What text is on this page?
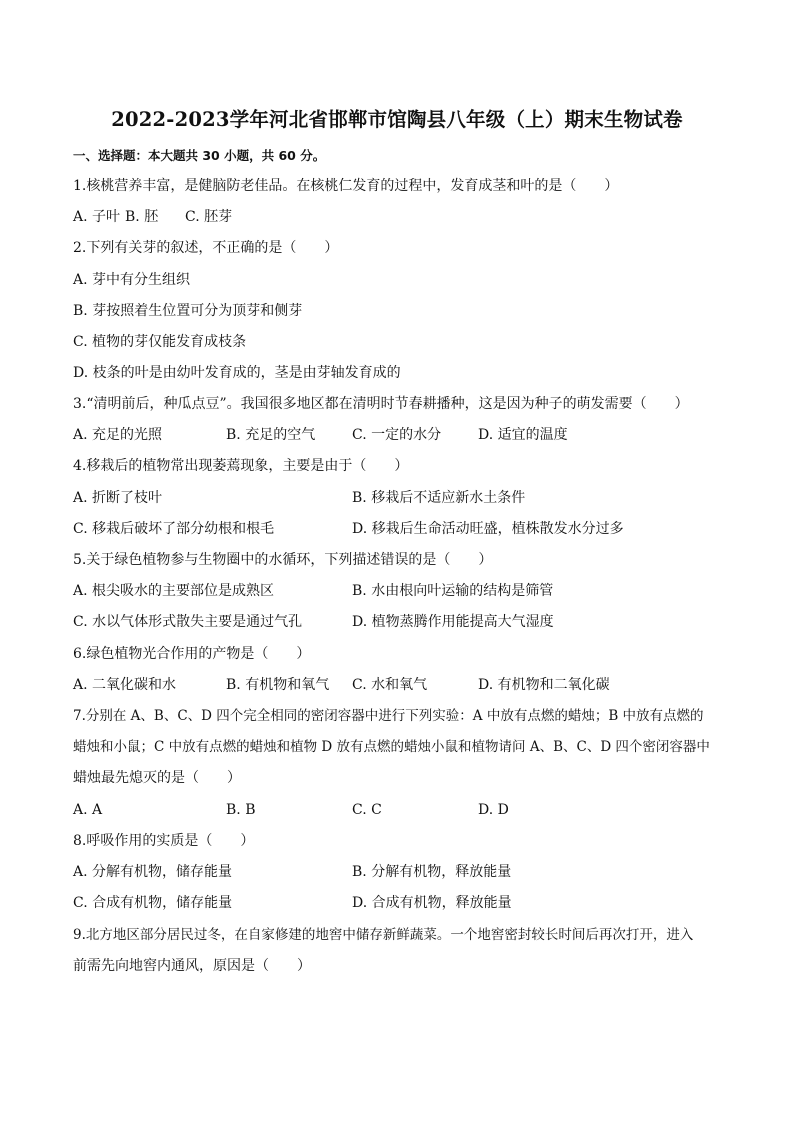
2022-2023学年河北省邯郸市馆陶县八年级（上）期末生物试卷
一、选择题：本大题共 30 小题，共 60 分。
1.核桃营养丰富，是健脑防老佳品。在核桃仁发育的过程中，发育成茎和叶的是（　　）
A. 子叶 B. 胚 C. 胚芽
2.下列有关芽的叙述，不正确的是（　　）
A. 芽中有分生组织
B. 芽按照着生位置可分为顶芽和侧芽
C. 植物的芽仅能发育成枝条
D. 枝条的叶是由幼叶发育成的，茎是由芽轴发育成的
3.“清明前后，种瓜点豆”。我国很多地区都在清明时节春耕播种，这是因为种子的萌发需要（　　）
A. 充足的光照	B. 充足的空气	C. 一定的水分	D. 适宜的温度
4.移栽后的植物常出现萎蔫现象，主要是由于（　　）
A. 折断了枝叶	B. 移栽后不适应新水土条件
C. 移栽后破坏了部分幼根和根毛	D. 移栽后生命活动旺盛，植株散发水分过多
5.关于绿色植物参与生物圈中的水循环，下列描述错误的是（　　）
A. 根尖吸水的主要部位是成熟区	B. 水由根向叶运输的结构是筛管
C. 水以气体形式散失主要是通过气孔	D. 植物蒸腾作用能提高大气湿度
6.绿色植物光合作用的产物是（　　）
A. 二氧化碳和水	B. 有机物和氧气 C. 水和氧气	D. 有机物和二氧化碳
7.分别在 A、B、C、D 四个完全相同的密闭容器中进行下列实验：A 中放有点燃的蜡烛；B 中放有点燃的
蜡烛和小鼠；C 中放有点燃的蜡烛和植物 D 放有点燃的蜡烛小鼠和植物请问 A、B、C、D 四个密闭容器中
蜡烛最先熄灭的是（　　）
A. A	B. B	C. C	D. D
8.呼吸作用的实质是（　　）
A. 分解有机物，储存能量	B. 分解有机物，释放能量
C. 合成有机物，储存能量	D. 合成有机物，释放能量
9.北方地区部分居民过冬，在自家修建的地窖中储存新鲜蔬菜。一个地窖密封较长时间后再次打开，进入
前需先向地窖内通风，原因是（　　）
